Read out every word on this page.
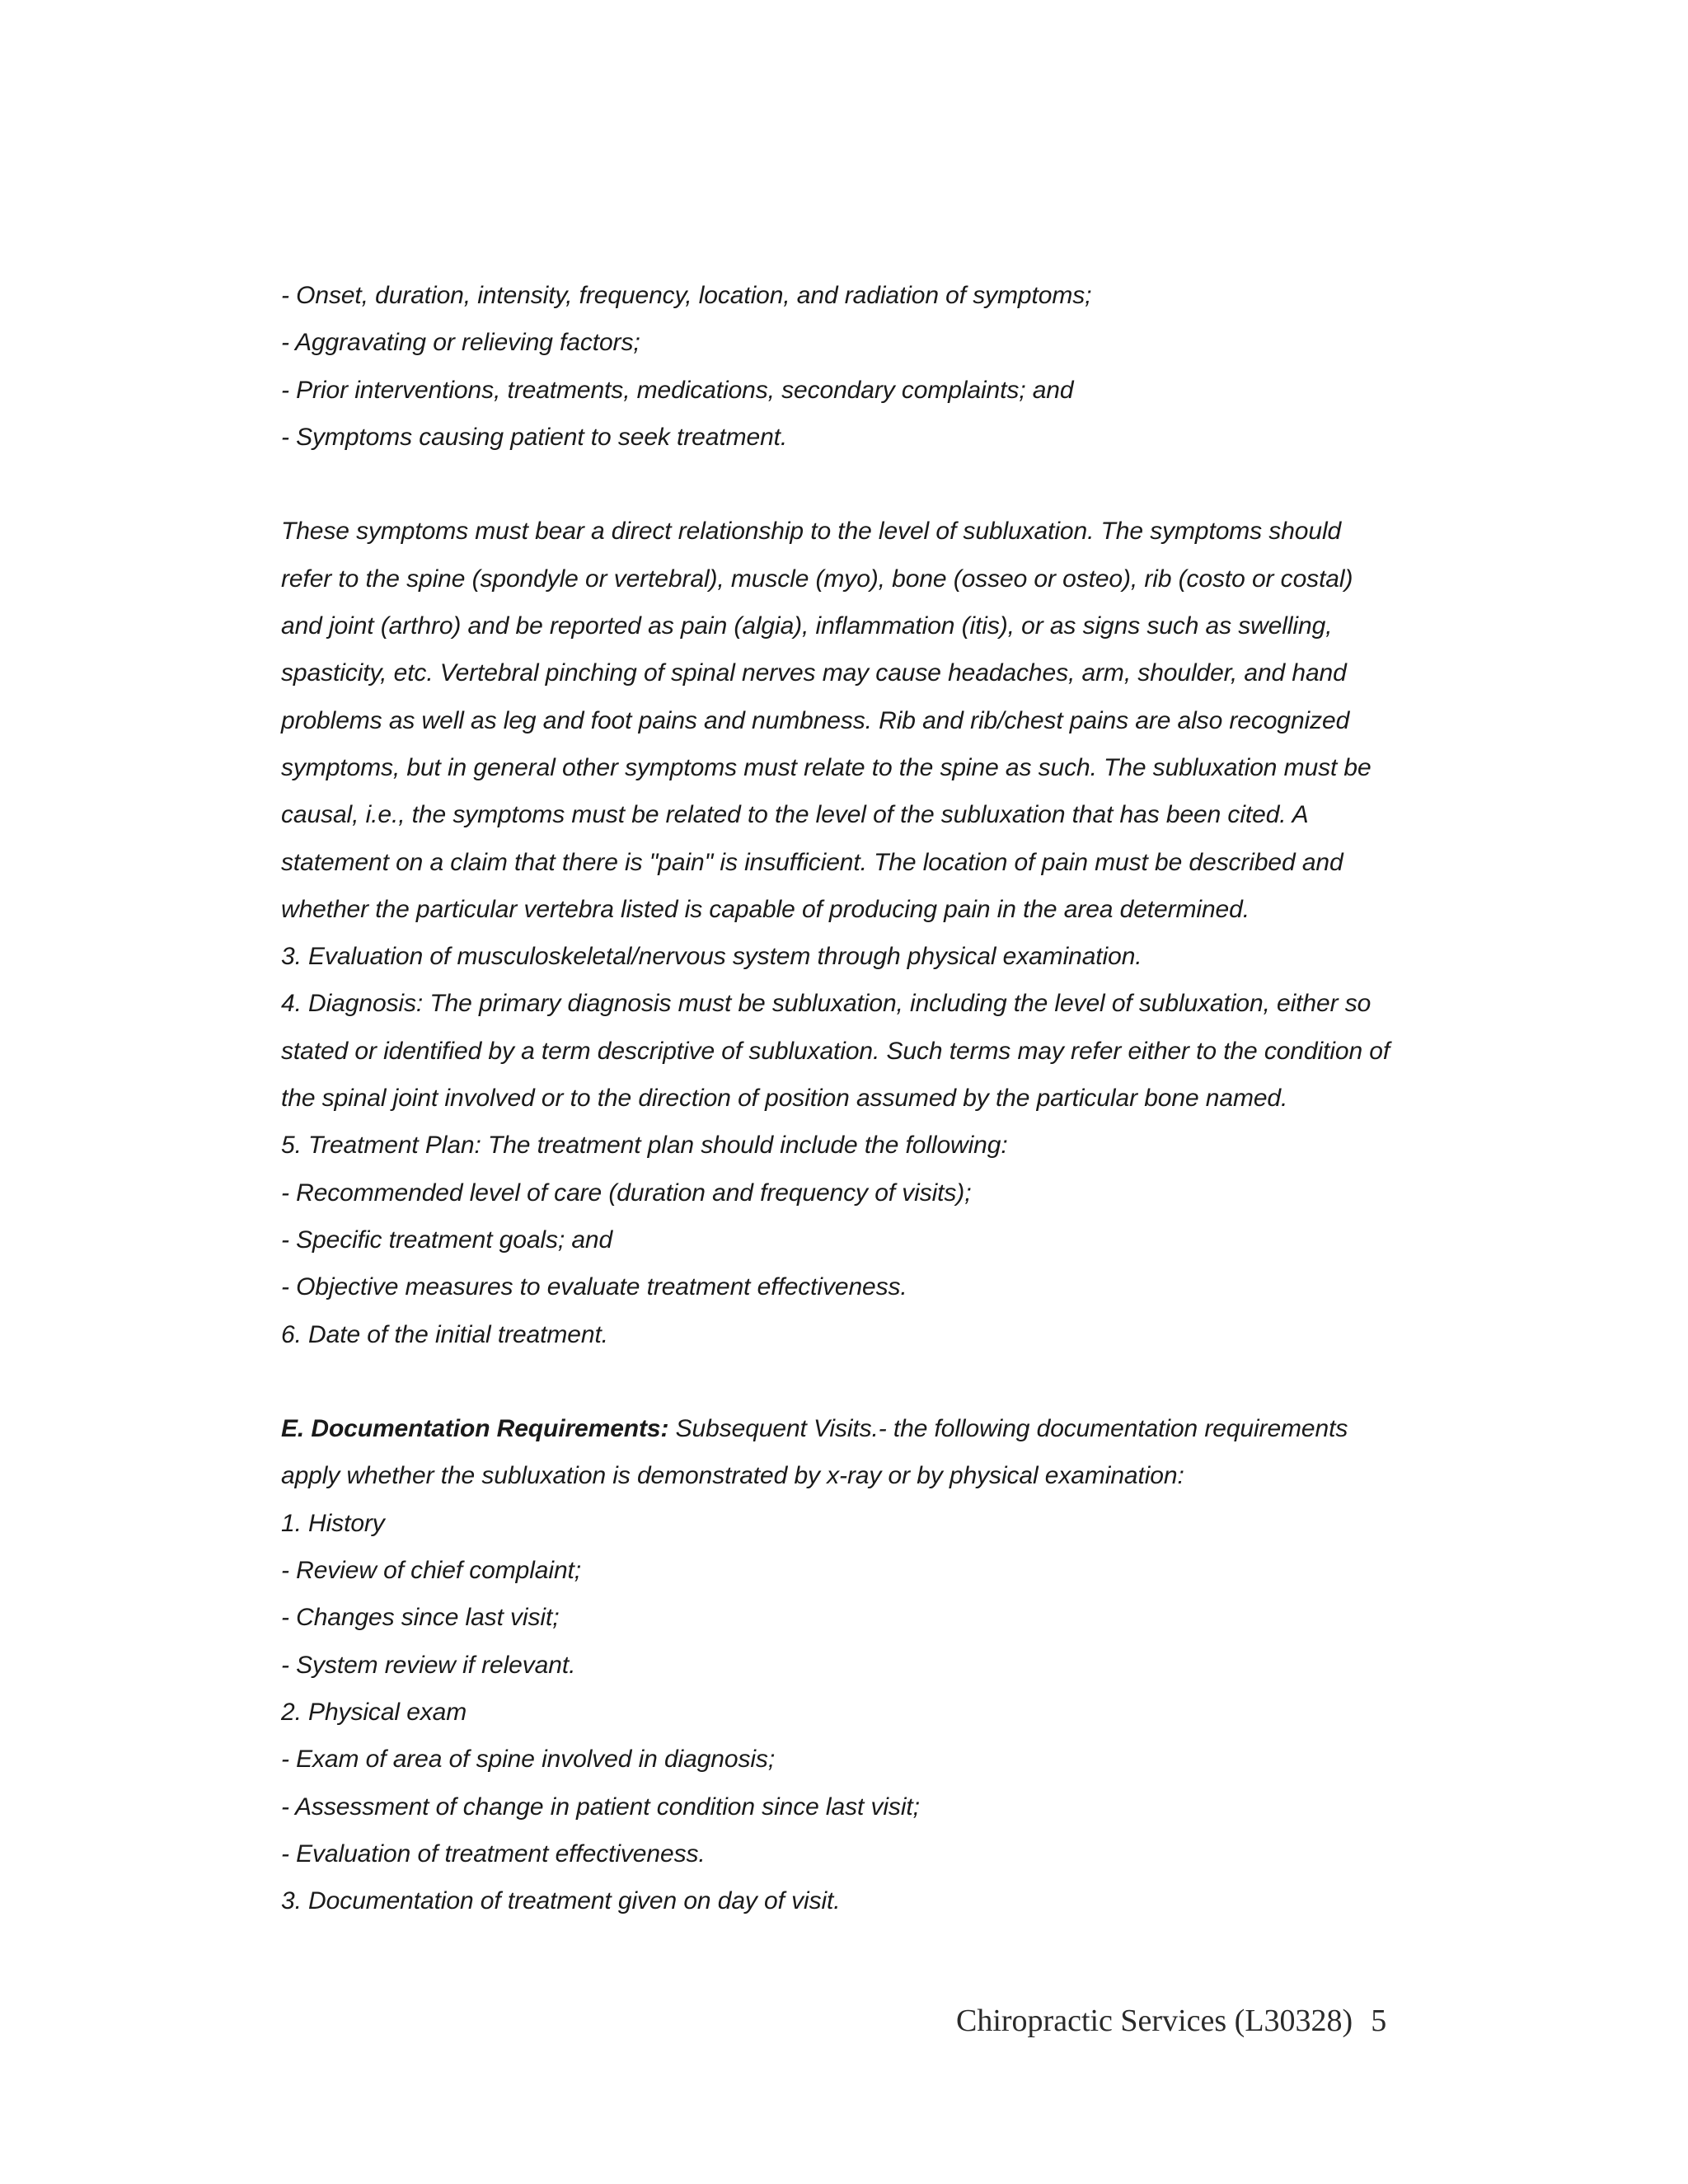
- Onset, duration, intensity, frequency, location, and radiation of symptoms;
- Aggravating or relieving factors;
- Prior interventions, treatments, medications, secondary complaints; and
- Symptoms causing patient to seek treatment.
These symptoms must bear a direct relationship to the level of subluxation. The symptoms should
refer to the spine (spondyle or vertebral), muscle (myo), bone (osseo or osteo), rib (costo or costal)
and joint (arthro) and be reported as pain (algia), inflammation (itis), or as signs such as swelling,
spasticity, etc. Vertebral pinching of spinal nerves may cause headaches, arm, shoulder, and hand
problems as well as leg and foot pains and numbness. Rib and rib/chest pains are also recognized
symptoms, but in general other symptoms must relate to the spine as such. The subluxation must be
causal, i.e., the symptoms must be related to the level of the subluxation that has been cited. A
statement on a claim that there is "pain" is insufficient. The location of pain must be described and
whether the particular vertebra listed is capable of producing pain in the area determined.
3. Evaluation of musculoskeletal/nervous system through physical examination.
4. Diagnosis: The primary diagnosis must be subluxation, including the level of subluxation, either so
stated or identified by a term descriptive of subluxation. Such terms may refer either to the condition of
the spinal joint involved or to the direction of position assumed by the particular bone named.
5. Treatment Plan: The treatment plan should include the following:
- Recommended level of care (duration and frequency of visits);
- Specific treatment goals; and
- Objective measures to evaluate treatment effectiveness.
6. Date of the initial treatment.
E. Documentation Requirements: Subsequent Visits.- the following documentation requirements
apply whether the subluxation is demonstrated by x-ray or by physical examination:
1. History
- Review of chief complaint;
- Changes since last visit;
- System review if relevant.
2. Physical exam
- Exam of area of spine involved in diagnosis;
- Assessment of change in patient condition since last visit;
- Evaluation of treatment effectiveness.
3. Documentation of treatment given on day of visit.
Chiropractic Services (L30328) 5
